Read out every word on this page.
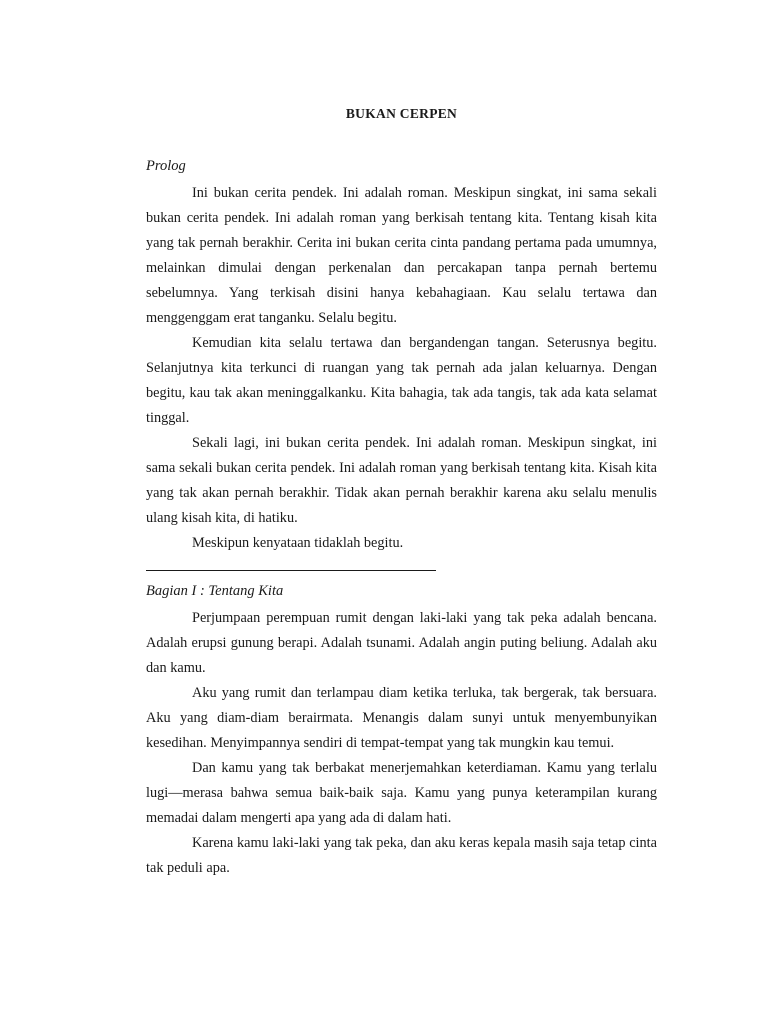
BUKAN CERPEN
Prolog

Ini bukan cerita pendek. Ini adalah roman. Meskipun singkat, ini sama sekali bukan cerita pendek. Ini adalah roman yang berkisah tentang kita. Tentang kisah kita yang tak pernah berakhir. Cerita ini bukan cerita cinta pandang pertama pada umumnya, melainkan dimulai dengan perkenalan dan percakapan tanpa pernah bertemu sebelumnya. Yang terkisah disini hanya kebahagiaan. Kau selalu tertawa dan menggenggam erat tanganku. Selalu begitu.

Kemudian kita selalu tertawa dan bergandengan tangan. Seterusnya begitu. Selanjutnya kita terkunci di ruangan yang tak pernah ada jalan keluarnya. Dengan begitu, kau tak akan meninggalkanku. Kita bahagia, tak ada tangis, tak ada kata selamat tinggal.

Sekali lagi, ini bukan cerita pendek. Ini adalah roman. Meskipun singkat, ini sama sekali bukan cerita pendek. Ini adalah roman yang berkisah tentang kita. Kisah kita yang tak akan pernah berakhir. Tidak akan pernah berakhir karena aku selalu menulis ulang kisah kita, di hatiku.

Meskipun kenyataan tidaklah begitu.

Bagian I : Tentang Kita

Perjumpaan perempuan rumit dengan laki-laki yang tak peka adalah bencana. Adalah erupsi gunung berapi. Adalah tsunami. Adalah angin puting beliung. Adalah aku dan kamu.

Aku yang rumit dan terlampau diam ketika terluka, tak bergerak, tak bersuara. Aku yang diam-diam berairmata. Menangis dalam sunyi untuk menyembunyikan kesedihan. Menyimpannya sendiri di tempat-tempat yang tak mungkin kau temui.

Dan kamu yang tak berbakat menerjemahkan keterdiaman. Kamu yang terlalu lugi—merasa bahwa semua baik-baik saja. Kamu yang punya keterampilan kurang memadai dalam mengerti apa yang ada di dalam hati.

Karena kamu laki-laki yang tak peka, dan aku keras kepala masih saja tetap cinta tak peduli apa.
